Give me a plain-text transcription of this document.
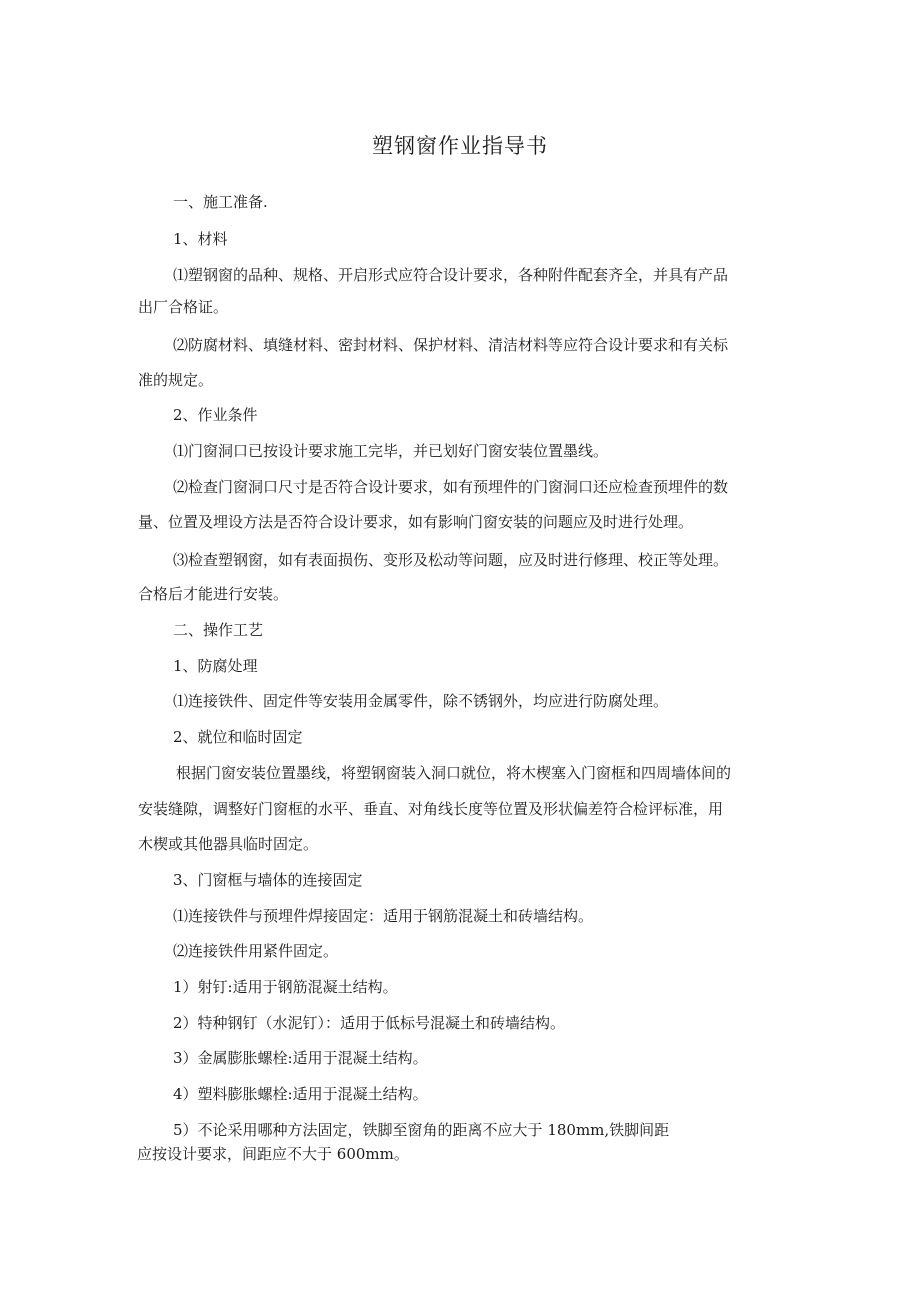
塑钢窗作业指导书

一、施工准备.

1、材料

⑴塑钢窗的品种、规格、开启形式应符合设计要求，各种附件配套齐全，并具有产品

出厂合格证。

⑵防腐材料、填缝材料、密封材料、保护材料、清洁材料等应符合设计要求和有关标

准的规定。

2、作业条件

⑴门窗洞口已按设计要求施工完毕，并已划好门窗安装位置墨线。

⑵检查门窗洞口尺寸是否符合设计要求，如有预埋件的门窗洞口还应检查预埋件的数

量、位置及埋设方法是否符合设计要求，如有影响门窗安装的问题应及时进行处理。

⑶检查塑钢窗，如有表面损伤、变形及松动等问题，应及时进行修理、校正等处理。

合格后才能进行安装。

二、操作工艺

1、防腐处理

⑴连接铁件、固定件等安装用金属零件，除不锈钢外，均应进行防腐处理。

2、就位和临时固定

根据门窗安装位置墨线，将塑钢窗装入洞口就位，将木楔塞入门窗框和四周墙体间的

安装缝隙，调整好门窗框的水平、垂直、对角线长度等位置及形状偏差符合检评标准，用

木楔或其他器具临时固定。

3、门窗框与墙体的连接固定

⑴连接铁件与预埋件焊接固定：适用于钢筋混凝土和砖墙结构。

⑵连接铁件用紧件固定。

1）射钉:适用于钢筋混凝土结构。

2）特种钢钉（水泥钉）：适用于低标号混凝土和砖墙结构。

3）金属膨胀螺栓:适用于混凝土结构。

4）塑料膨胀螺栓:适用于混凝土结构。

5）不论采用哪种方法固定，铁脚至窗角的距离不应大于 180mm,铁脚间距

应按设计要求，间距应不大于 600mm。
